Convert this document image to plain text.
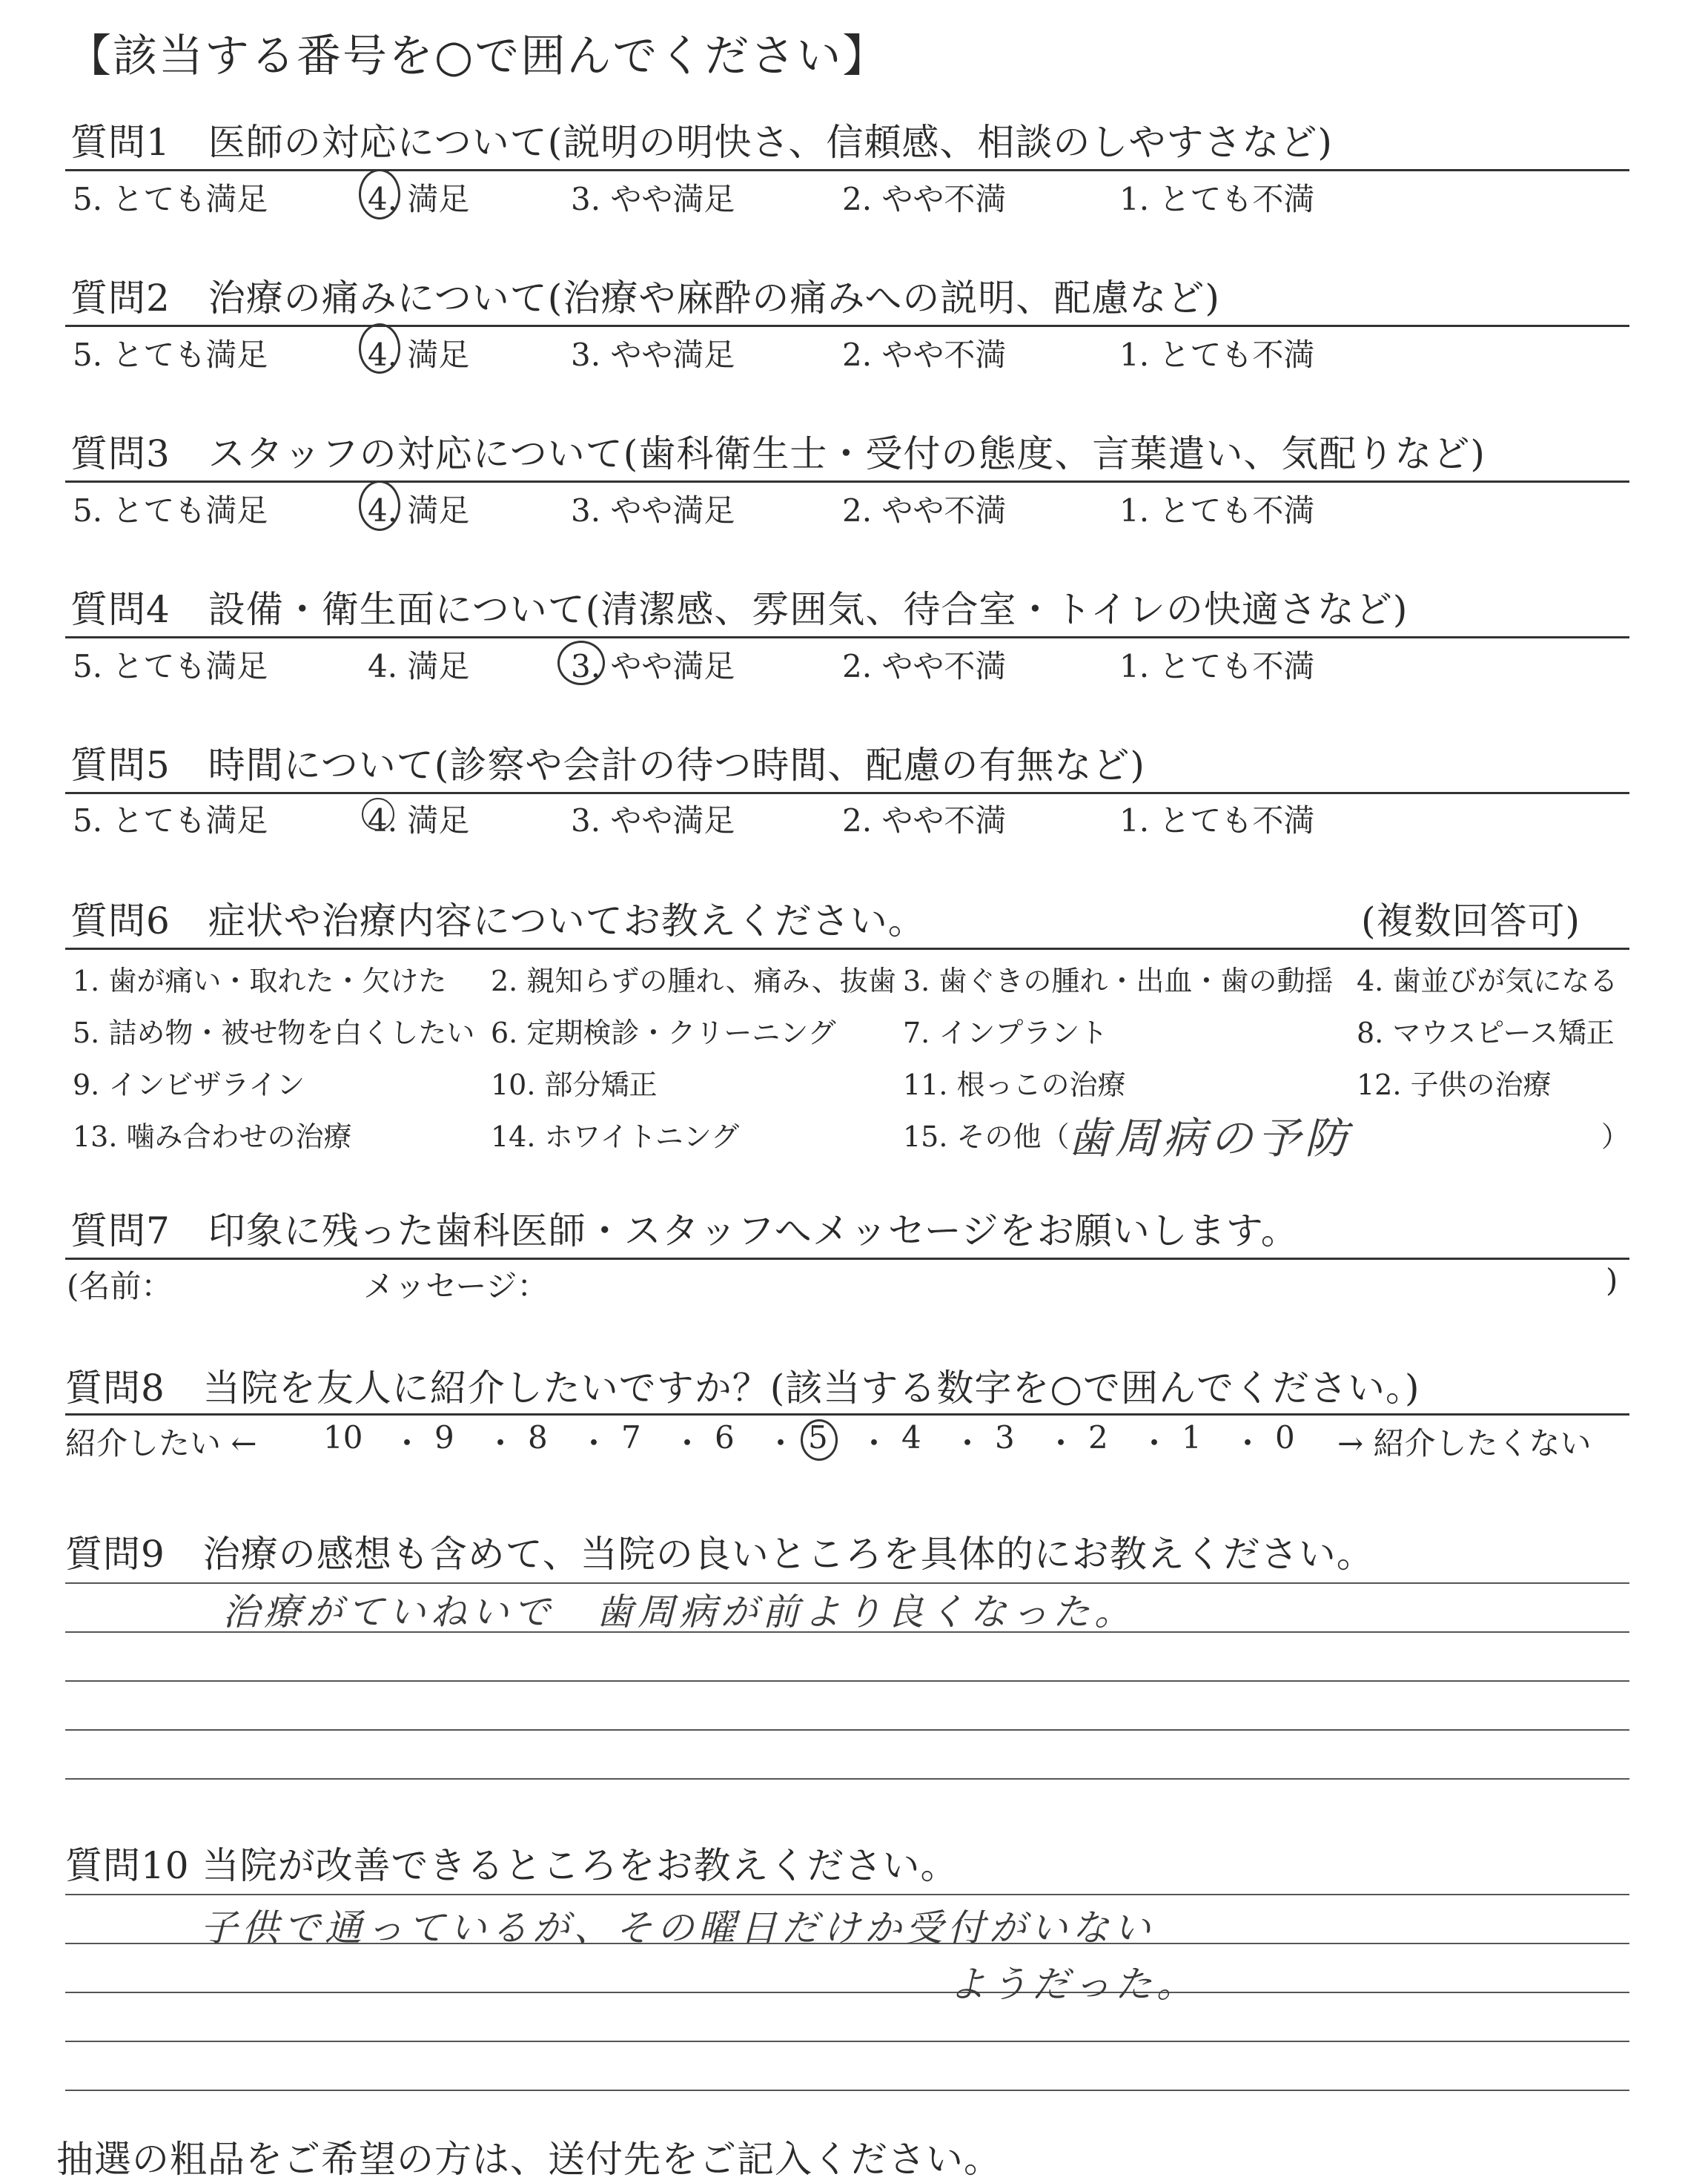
【該当する番号を○で囲んでください】
質問1　医師の対応について(説明の明快さ、信頼感、相談のしやすさなど)
5. とても満足	4. 満足	3. やや満足	2. やや不満	1. とても不満
質問2　治療の痛みについて(治療や麻酔の痛みへの説明、配慮など)
5. とても満足	4. 満足	3. やや満足	2. やや不満	1. とても不満
質問3　スタッフの対応について(歯科衛生士・受付の態度、言葉遣い、気配りなど)
5. とても満足	4. 満足	3. やや満足	2. やや不満	1. とても不満
質問4　設備・衛生面について(清潔感、雰囲気、待合室・トイレの快適さなど)
5. とても満足	4. 満足	3. やや満足	2. やや不満	1. とても不満
質問5　時間について(診察や会計の待つ時間、配慮の有無など)
5. とても満足	4. 満足	3. やや満足	2. やや不満	1. とても不満
質問6　症状や治療内容についてお教えください。	(複数回答可)
1. 歯が痛い・取れた・欠けた 2. 親知らずの腫れ、痛み、抜歯 3. 歯ぐきの腫れ・出血・歯の動揺 4. 歯並びが気になる
5. 詰め物・被せ物を白くしたい 6. 定期検診・クリーニング 7. インプラント	8. マウスピース矯正
9. インビザライン	10. 部分矯正	11. 根っこの治療	12. 子供の治療
13. 噛み合わせの治療	14. ホワイトニング	15. その他（
歯周病の予防	）
質問7　印象に残った歯科医師・スタッフへメッセージをお願いします。
(名前：	メッセージ：	)
質問8　当院を友人に紹介したいですか？(該当する数字を○で囲んでください。)
紹介したい ← 10 ・ 9 ・ 8 ・ 7 ・ 6 ・ 5 ・ 4 ・ 3 ・ 2 ・ 1 ・ 0 → 紹介したくない
質問9　治療の感想も含めて、当院の良いところを具体的にお教えください。
治療がていねいで　歯周病が前より良くなった。
質問10 当院が改善できるところをお教えください。
子供で通っているが、その曜日だけか受付がいない
ようだった。
抽選の粗品をご希望の方は、送付先をご記入ください。
